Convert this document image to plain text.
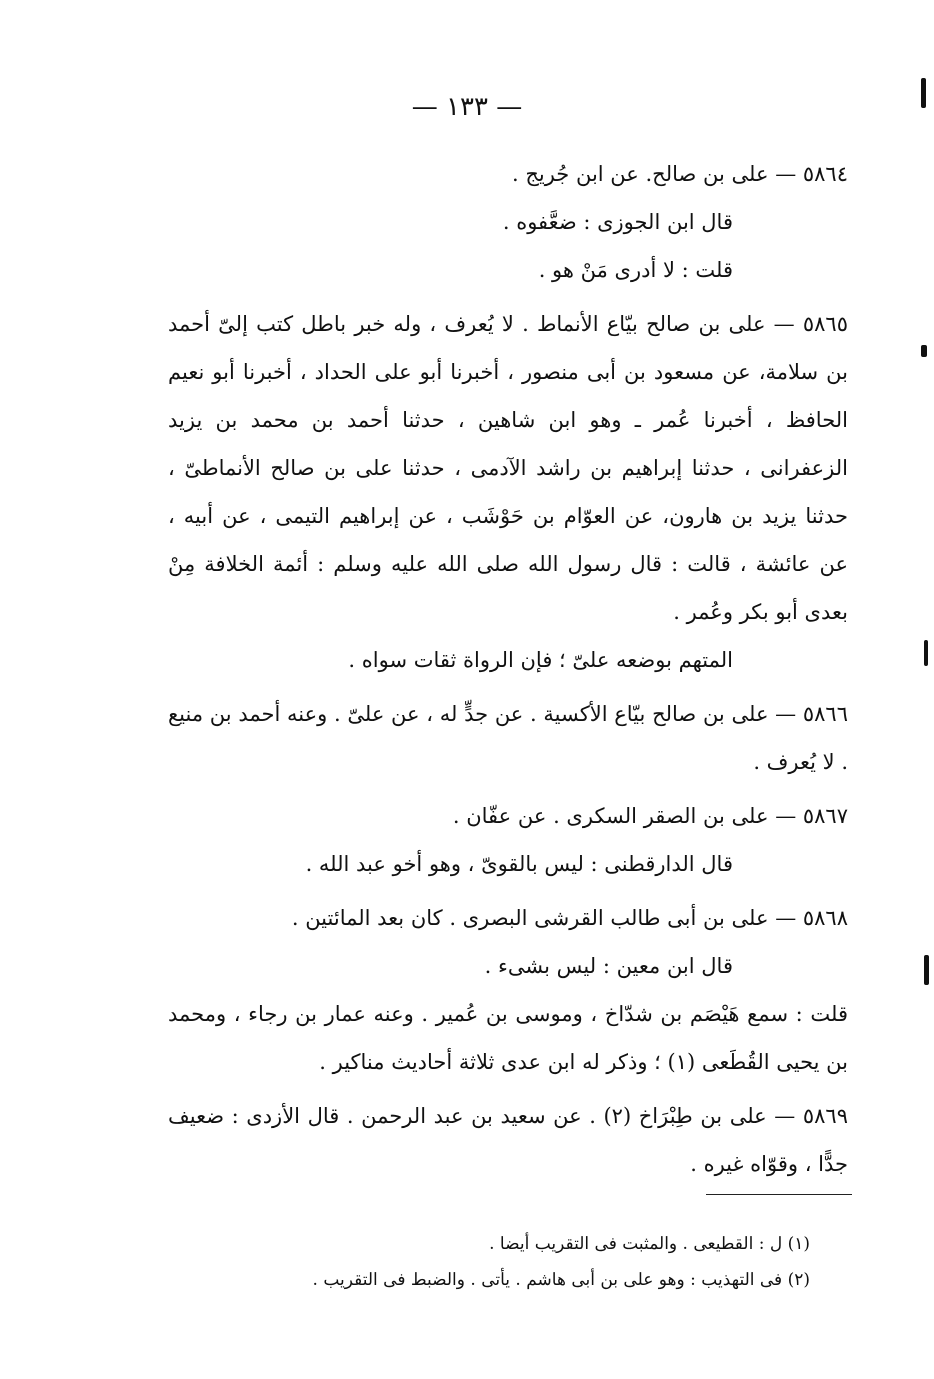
— ١٣٣ —

٥٨٦٤ — على بن صالح. عن ابن جُريج .

قال ابن الجوزى : ضعَّفوه .

قلت : لا أدرى مَنْ هو .

٥٨٦٥ — على بن صالح بيّاع الأنماط . لا يُعرف ، وله خبر باطل كتب إلىّ أحمد بن سلامة، عن مسعود بن أبى منصور ، أخبرنا أبو على الحداد ، أخبرنا أبو نعيم الحافظ ، أخبرنا عُمر ـ وهو ابن شاهين ، حدثنا أحمد بن محمد بن يزيد الزعفرانى ، حدثنا إبراهيم بن راشد الآدمى ، حدثنا على بن صالح الأنماطىّ ، حدثنا يزيد بن هارون، عن العوّام بن حَوْشَب ، عن إبراهيم التيمى ، عن أبيه ، عن عائشة ، قالت : قال رسول الله صلى الله عليه وسلم : أئمة الخلافة مِنْ بعدى أبو بكر وعُمر .

المتهم بوضعه علىّ ؛ فإن الرواة ثقات سواه .

٥٨٦٦ — على بن صالح بيّاع الأكسية . عن جدٍّ له ، عن علىّ . وعنه أحمد بن منيع . لا يُعرف .

٥٨٦٧ — على بن الصقر السكرى . عن عفّان .

قال الدارقطنى : ليس بالقوىّ ، وهو أخو عبد الله .

٥٨٦٨ — على بن أبى طالب القرشى البصرى . كان بعد المائتين .

قال ابن معين : ليس بشىء .

قلت : سمع هَيْصَم بن شدّاخ ، وموسى بن عُمير . وعنه عمار بن رجاء ، ومحمد بن يحيى القُطَعى (١) ؛ وذكر له ابن عدى ثلاثة أحاديث مناكير .

٥٨٦٩ — على بن طِبْرَاخ (٢) . عن سعيد بن عبد الرحمن . قال الأزدى : ضعيف جدًّا ، وقوّاه غيره .

(١) ل : القطيعى . والمثبت فى التقريب أيضا .
(٢) فى التهذيب : وهو على بن أبى هاشم . يأتى . والضبط فى التقريب .
